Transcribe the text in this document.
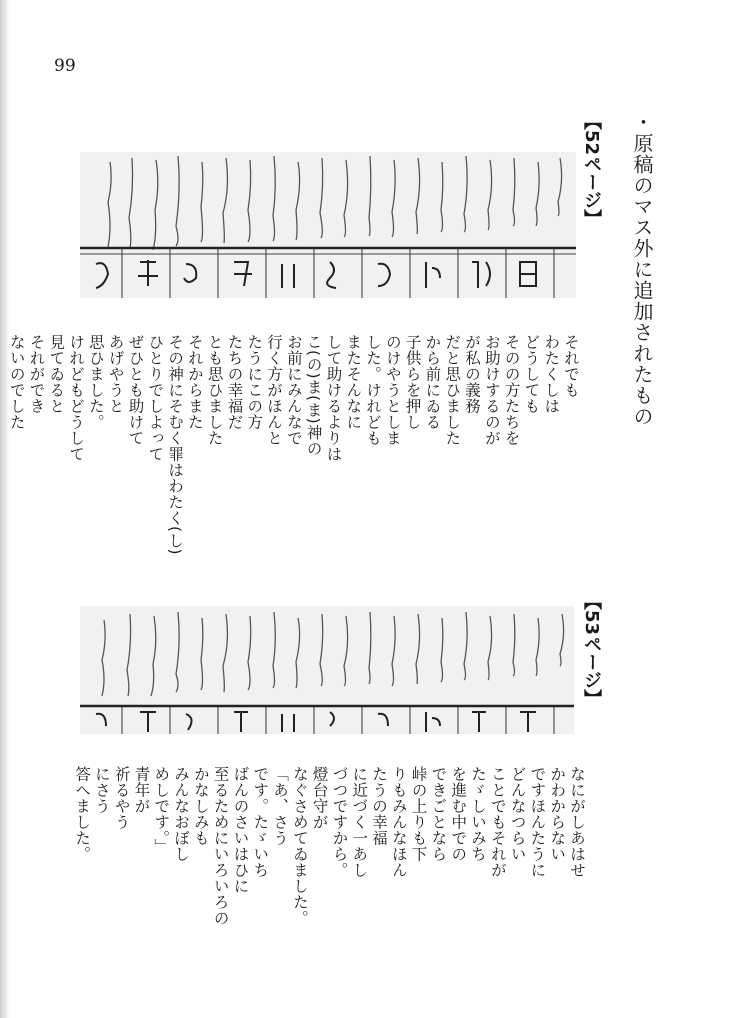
99
・原稿のマス外に追加されたもの
【52ページ】
【53ページ】
それでも
わたくしは
どうしても
そのの方たちを
お助けするのが
が私の義務
だと思ひました
から前にゐる
子供らを押し
のけやうとしま
した。けれども
またそんなに
して助けるよりは
こ(の)ま(ま)神の
お前にみんなで
行く方がほんと
たうにこの方
たちの幸福だ
とも思ひました
それからまた
その神にそむく罪はわたく(し)
ひとりでしよって
ぜひとも助けて
あげやうと
思ひました。
けれどもどうして
見てゐると
それができ
ないのでした
なにがしあはせ
かわからない
ですほんたうに
どんなつらい
ことでもそれが
たゞしいみち
を進む中での
できごとなら
峠の上りも下
りもみんなほん
たうの幸福
に近づく一あし
づつですから。
燈台守が
なぐさめてゐました。
「あ、さう
です。たゞいち
ばんのさいはひに
至るためにいろいろの
かなしみも
みんなおぼし
めしです。」
青年が
祈るやう
にさう
答へました。
